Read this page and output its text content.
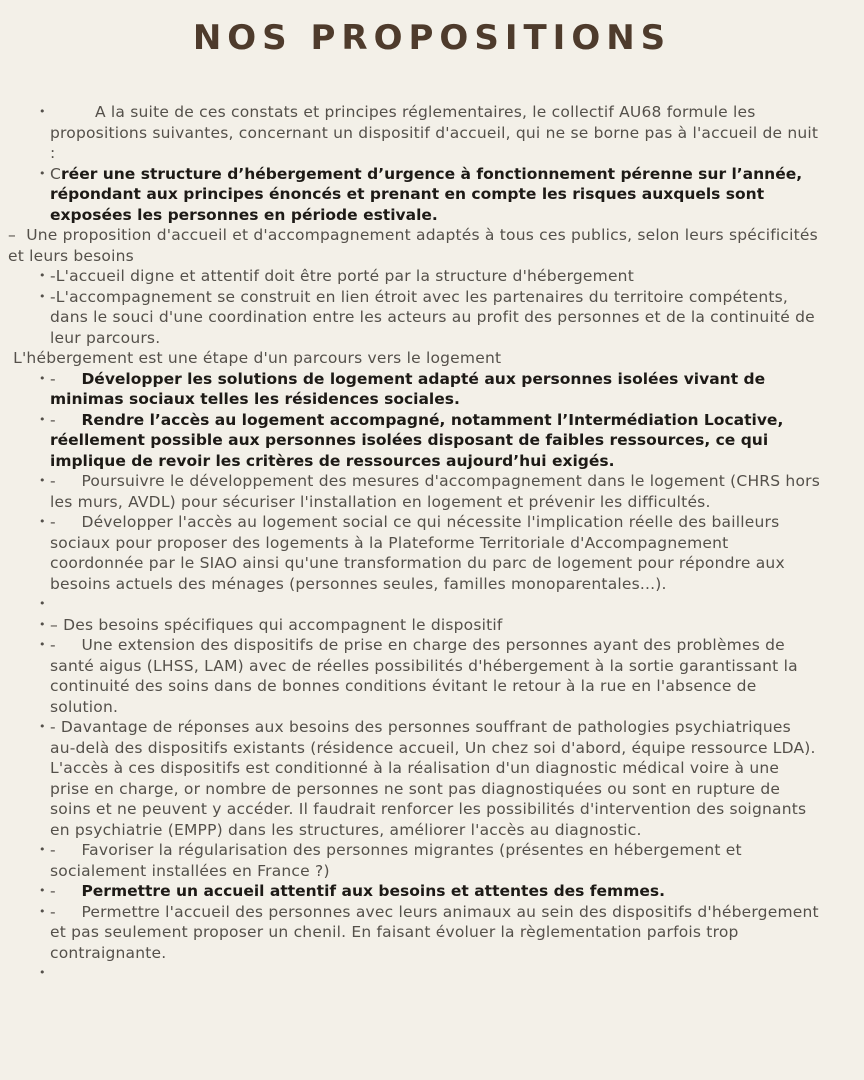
NOS PROPOSITIONS
•	A la suite de ces constats et principes réglementaires, le collectif AU68 formule les propositions suivantes, concernant un dispositif d'accueil, qui ne se borne pas à l'accueil de nuit :
• Créer une structure d’hébergement d’urgence à fonctionnement pérenne sur l’année, répondant aux principes énoncés et prenant en compte les risques auxquels sont exposées les personnes en période estivale.
–  Une proposition d'accueil et d'accompagnement adaptés à tous ces publics, selon leurs spécificités et leurs besoins
• -L'accueil digne et attentif doit être porté par la structure d'hébergement
• -L'accompagnement se construit en lien étroit avec les partenaires du territoire compétents, dans le souci d'une coordination entre les acteurs au profit des personnes et de la continuité de leur parcours.
L'hébergement est une étape d'un parcours vers le logement
• -     Développer les solutions de logement adapté aux personnes isolées vivant de minimas sociaux telles les résidences sociales.
• -     Rendre l’accès au logement accompagné, notamment l’Intermédiation Locative, réellement possible aux personnes isolées disposant de faibles ressources, ce qui implique de revoir les critères de ressources aujourd’hui exigés.
• -     Poursuivre le développement des mesures d'accompagnement dans le logement (CHRS hors les murs, AVDL) pour sécuriser l'installation en logement et prévenir les difficultés.
• -     Développer l'accès au logement social ce qui nécessite l'implication réelle des bailleurs sociaux pour proposer des logements à la Plateforme Territoriale d'Accompagnement coordonnée par le SIAO ainsi qu'une transformation du parc de logement pour répondre aux besoins actuels des ménages (personnes seules, familles monoparentales...).
•
• – Des besoins spécifiques qui accompagnent le dispositif
• -     Une extension des dispositifs de prise en charge des personnes ayant des problèmes de santé aigus (LHSS, LAM) avec de réelles possibilités d'hébergement à la sortie garantissant la continuité des soins dans de bonnes conditions évitant le retour à la rue en l'absence de solution.
• - Davantage de réponses aux besoins des personnes souffrant de pathologies psychiatriques au-delà des dispositifs existants (résidence accueil, Un chez soi d'abord, équipe ressource LDA). L'accès à ces dispositifs est conditionné à la réalisation d'un diagnostic médical voire à une prise en charge, or nombre de personnes ne sont pas diagnostiquées ou sont en rupture de soins et ne peuvent y accéder. Il faudrait renforcer les possibilités d'intervention des soignants en psychiatrie (EMPP) dans les structures, améliorer l'accès au diagnostic.
• -     Favoriser la régularisation des personnes migrantes (présentes en hébergement et socialement installées en France ?)
• -     Permettre un accueil attentif aux besoins et attentes des femmes.
• -     Permettre l'accueil des personnes avec leurs animaux au sein des dispositifs d'hébergement et pas seulement proposer un chenil. En faisant évoluer la règlementation parfois trop contraignante.
•
